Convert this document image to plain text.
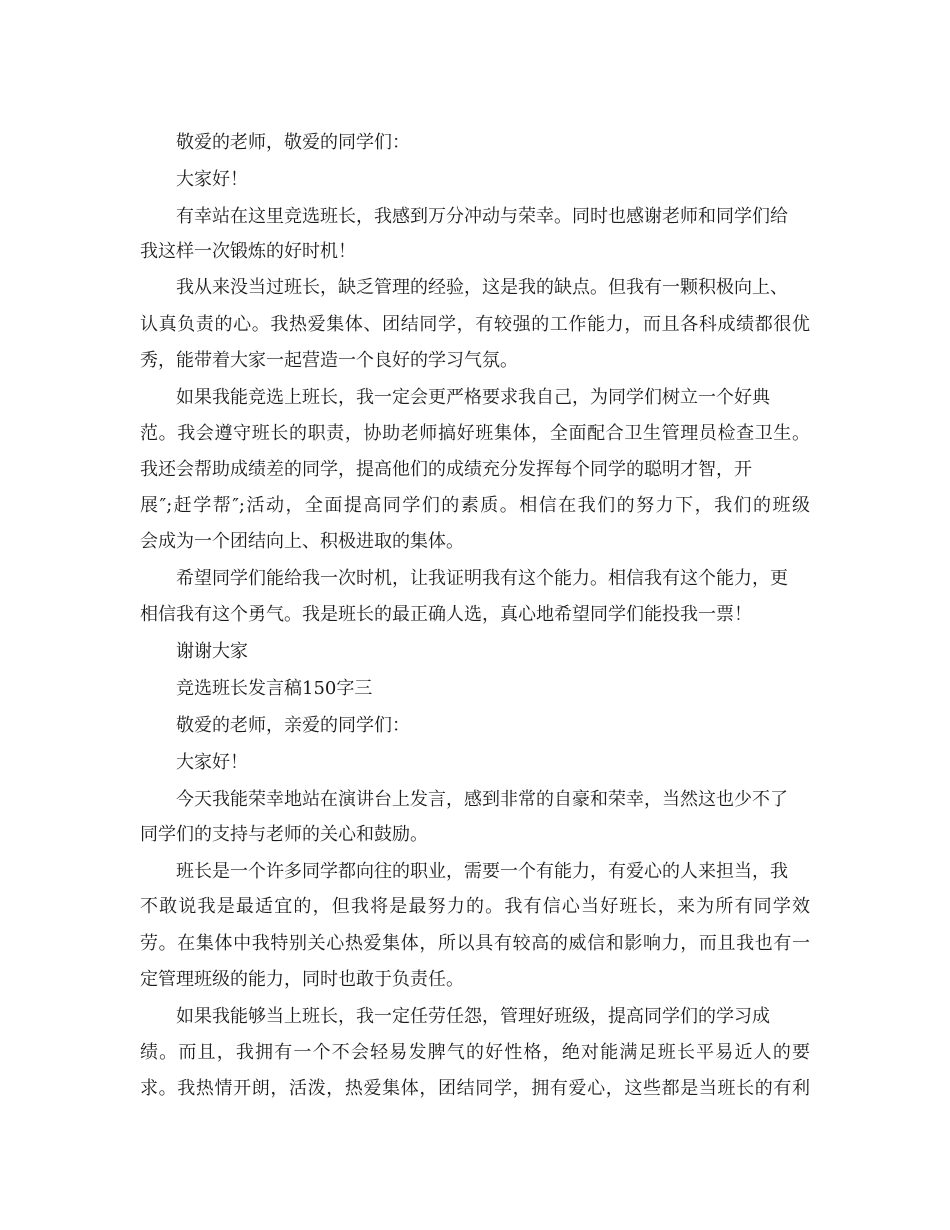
敬爱的老师，敬爱的同学们：
大家好！
有幸站在这里竞选班长，我感到万分冲动与荣幸。同时也感谢老师和同学们给
我这样一次锻炼的好时机！
我从来没当过班长，缺乏管理的经验，这是我的缺点。但我有一颗积极向上、
认真负责的心。我热爱集体、团结同学，有较强的工作能力，而且各科成绩都很优
秀，能带着大家一起营造一个良好的学习气氛。
如果我能竞选上班长，我一定会更严格要求我自己，为同学们树立一个好典
范。我会遵守班长的职责，协助老师搞好班集体，全面配合卫生管理员检查卫生。
我还会帮助成绩差的同学，提高他们的成绩充分发挥每个同学的聪明才智，开
展″;赶学帮″;活动，全面提高同学们的素质。相信在我们的努力下，我们的班级
会成为一个团结向上、积极进取的集体。
希望同学们能给我一次时机，让我证明我有这个能力。相信我有这个能力，更
相信我有这个勇气。我是班长的最正确人选，真心地希望同学们能投我一票！
谢谢大家
竞选班长发言稿150字三
敬爱的老师，亲爱的同学们：
大家好！
今天我能荣幸地站在演讲台上发言，感到非常的自豪和荣幸，当然这也少不了
同学们的支持与老师的关心和鼓励。
班长是一个许多同学都向往的职业，需要一个有能力，有爱心的人来担当，我
不敢说我是最适宜的，但我将是最努力的。我有信心当好班长，来为所有同学效
劳。在集体中我特别关心热爱集体，所以具有较高的威信和影响力，而且我也有一
定管理班级的能力，同时也敢于负责任。
如果我能够当上班长，我一定任劳任怨，管理好班级，提高同学们的学习成
绩。而且，我拥有一个不会轻易发脾气的好性格，绝对能满足班长平易近人的要
求。我热情开朗，活泼，热爱集体，团结同学，拥有爱心，这些都是当班长的有利
